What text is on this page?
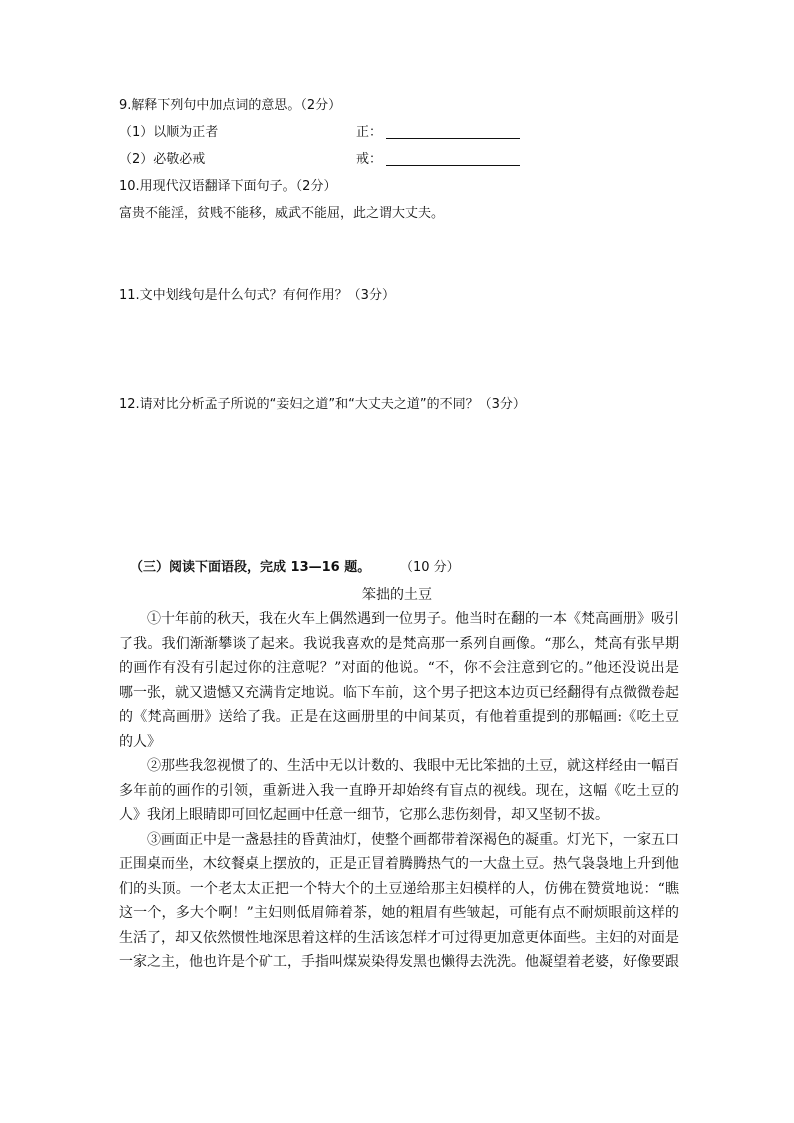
9.解释下列句中加点词的意思。（2分）
（1）以顺为正者	正：
（2）必敬必戒	戒：
10.用现代汉语翻译下面句子。（2分）
富贵不能淫，贫贱不能移，威武不能屈，此之谓大丈夫。
11.文中划线句是什么句式？有何作用？（3分）
12.请对比分析孟子所说的“妾妇之道”和“大丈夫之道”的不同？（3分）
（三）阅读下面语段，完成 13—16 题。 （10 分）
笨拙的土豆

①十年前的秋天，我在火车上偶然遇到一位男子。他当时在翻的一本《梵高画册》吸引了我。我们渐渐攀谈了起来。我说我喜欢的是梵高那一系列自画像。“那么，梵高有张早期的画作有没有引起过你的注意呢？”对面的他说。“不，你不会注意到它的。”他还没说出是哪一张，就又遗憾又充满肯定地说。临下车前，这个男子把这本边页已经翻得有点微微卷起的《梵高画册》送给了我。正是在这画册里的中间某页，有他着重提到的那幅画:《吃土豆的人》

②那些我忽视惯了的、生活中无以计数的、我眼中无比笨拙的土豆，就这样经由一幅百多年前的画作的引领，重新进入我一直睁开却始终有盲点的视线。现在，这幅《吃土豆的人》我闭上眼睛即可回忆起画中任意一细节，它那么悲伤刻骨，却又坚韧不拔。

③画面正中是一盏悬挂的昏黄油灯，使整个画都带着深褐色的凝重。灯光下，一家五口正围桌而坐，木纹餐桌上摆放的，正是正冒着腾腾热气的一大盘土豆。热气袅袅地上升到他们的头顶。一个老太太正把一个特大个的土豆递给那主妇模样的人，仿佛在赞赏地说：“瞧这一个，多大个啊！”主妇则低眉筛着茶，她的粗眉有些皱起，可能有点不耐烦眼前这样的生活了，却又依然惯性地深思着这样的生活该怎样才可过得更加意更体面些。主妇的对面是一家之主，他也许是个矿工，手指叫煤炭染得发黑也懒得去洗洗。他凝望着老婆，好像要跟
